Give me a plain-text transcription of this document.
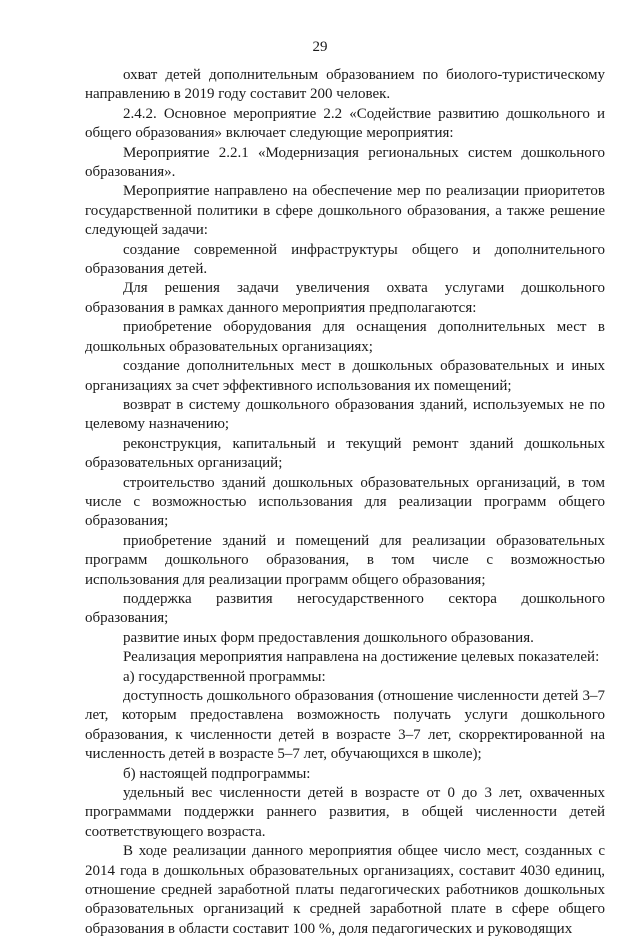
29

охват детей дополнительным образованием по биолого-туристическому направлению в 2019 году составит 200 человек.

2.4.2. Основное мероприятие 2.2 «Содействие развитию дошкольного и общего образования» включает следующие мероприятия:

Мероприятие 2.2.1 «Модернизация региональных систем дошкольного образования».

Мероприятие направлено на обеспечение мер по реализации приоритетов государственной политики в сфере дошкольного образования, а также решение следующей задачи:

создание современной инфраструктуры общего и дополнительного образования детей.

Для решения задачи увеличения охвата услугами дошкольного образования в рамках данного мероприятия предполагаются:

приобретение оборудования для оснащения дополнительных мест в дошкольных образовательных организациях;

создание дополнительных мест в дошкольных образовательных и иных организациях за счет эффективного использования их помещений;

возврат в систему дошкольного образования зданий, используемых не по целевому назначению;

реконструкция, капитальный и текущий ремонт зданий дошкольных образовательных организаций;

строительство зданий дошкольных образовательных организаций, в том числе с возможностью использования для реализации программ общего образования;

приобретение зданий и помещений для реализации образовательных программ дошкольного образования, в том числе с возможностью использования для реализации программ общего образования;

поддержка развития негосударственного сектора дошкольного образования;

развитие иных форм предоставления дошкольного образования.

Реализация мероприятия направлена на достижение целевых показателей:

а) государственной программы:

доступность дошкольного образования (отношение численности детей 3–7 лет, которым предоставлена возможность получать услуги дошкольного образования, к численности детей в возрасте 3–7 лет, скорректированной на численность детей в возрасте 5–7 лет, обучающихся в школе);

б) настоящей подпрограммы:

удельный вес численности детей в возрасте от 0 до 3 лет, охваченных программами поддержки раннего развития, в общей численности детей соответствующего возраста.

В ходе реализации данного мероприятия общее число мест, созданных с 2014 года в дошкольных образовательных организациях, составит 4030 единиц, отношение средней заработной платы педагогических работников дошкольных образовательных организаций к средней заработной плате в сфере общего образования в области составит 100 %, доля педагогических и руководящих
